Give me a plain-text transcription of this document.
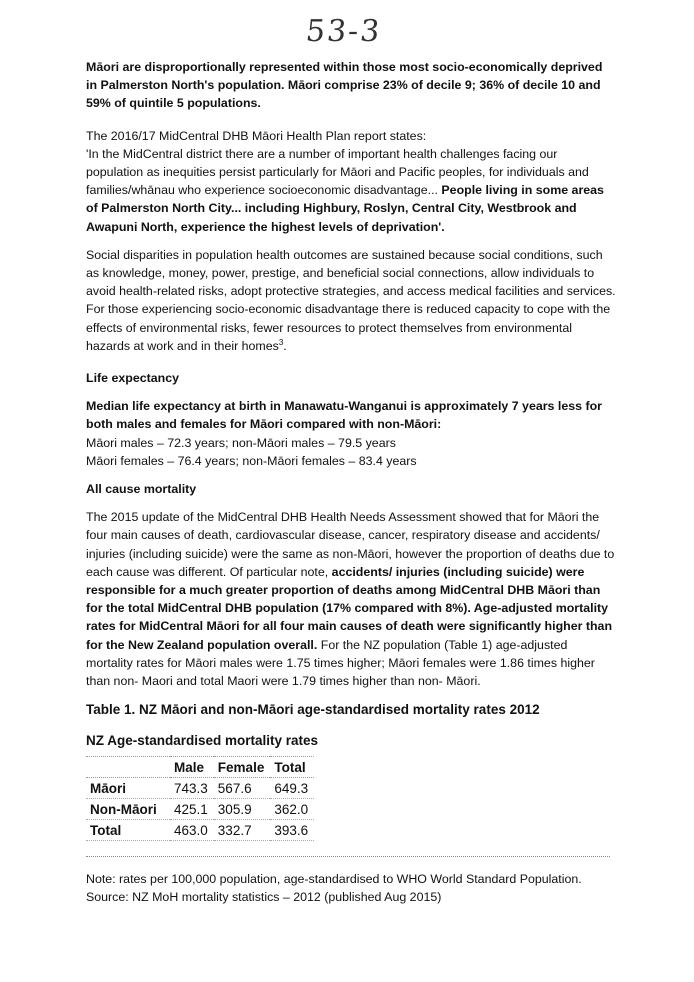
53-3

Māori are disproportionally represented within those most socio-economically deprived in Palmerston North's population. Māori comprise 23% of decile 9; 36% of decile 10 and 59% of quintile 5 populations.

The 2016/17 MidCentral DHB Māori Health Plan report states:

'In the MidCentral district there are a number of important health challenges facing our population as inequities persist particularly for Māori and Pacific peoples, for individuals and families/whānau who experience socioeconomic disadvantage... People living in some areas of Palmerston North City... including Highbury, Roslyn, Central City, Westbrook and Awapuni North, experience the highest levels of deprivation'.

Social disparities in population health outcomes are sustained because social conditions, such as knowledge, money, power, prestige, and beneficial social connections, allow individuals to avoid health-related risks, adopt protective strategies, and access medical facilities and services. For those experiencing socio-economic disadvantage there is reduced capacity to cope with the effects of environmental risks, fewer resources to protect themselves from environmental hazards at work and in their homes$^3$.

Life expectancy

Median life expectancy at birth in Manawatu-Wanganui is approximately 7 years less for both males and females for Māori compared with non-Māori:

Māori males – 72.3 years; non-Māori males – 79.5 years

Māori females – 76.4 years; non-Māori females – 83.4 years

All cause mortality

The 2015 update of the MidCentral DHB Health Needs Assessment showed that for Māori the four main causes of death, cardiovascular disease, cancer, respiratory disease and accidents/ injuries (including suicide) were the same as non-Māori, however the proportion of deaths due to each cause was different. Of particular note, accidents/ injuries (including suicide) were responsible for a much greater proportion of deaths among MidCentral DHB Māori than for the total MidCentral DHB population (17% compared with 8%). Age-adjusted mortality rates for MidCentral Māori for all four main causes of death were significantly higher than for the New Zealand population overall. For the NZ population (Table 1) age-adjusted mortality rates for Māori males were 1.75 times higher; Māori females were 1.86 times higher than non- Maori and total Maori were 1.79 times higher than non- Māori.

Table 1. NZ Māori and non-Māori age-standardised mortality rates 2012
NZ Age-standardised mortality rates
	Male	Female	Total
Māori	743.3	567.6	649.3
Non-Māori	425.1	305.9	362.0
Total	463.0	332.7	393.6

Note: rates per 100,000 population, age-standardised to WHO World Standard Population.

Source: NZ MoH mortality statistics – 2012 (published Aug 2015)
